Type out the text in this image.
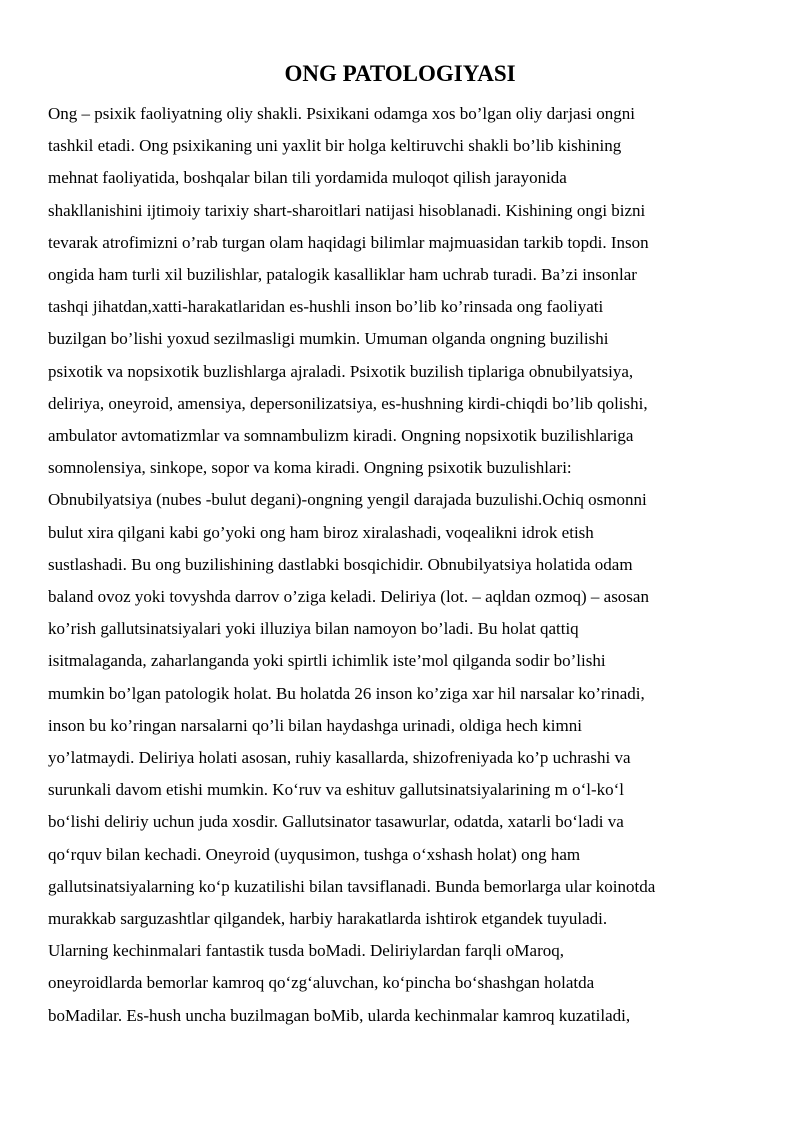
ONG PATOLOGIYASI
Ong – psixik faoliyatning oliy shakli. Psixikani odamga xos bo’lgan oliy darjasi ongni
tashkil etadi. Ong psixikaning uni yaxlit bir holga keltiruvchi shakli bo’lib kishining
mehnat faoliyatida, boshqalar bilan tili yordamida muloqot qilish jarayonida
shakllanishini ijtimoiy tarixiy shart-sharoitlari natijasi hisoblanadi. Kishining ongi bizni
tevarak atrofimizni o’rab turgan olam haqidagi bilimlar majmuasidan tarkib topdi. Inson
ongida ham turli xil buzilishlar, patalogik kasalliklar ham uchrab turadi. Ba’zi insonlar
tashqi jihatdan,xatti-harakatlaridan es-hushli inson bo’lib ko’rinsada ong faoliyati
buzilgan bo’lishi yoxud sezilmasligi mumkin. Umuman olganda ongning buzilishi
psixotik va nopsixotik buzlishlarga ajraladi. Psixotik buzilish tiplariga obnubilyatsiya,
deliriya, oneyroid, amensiya, depersonilizatsiya, es-hushning kirdi-chiqdi bo’lib qolishi,
ambulator avtomatizmlar va somnambulizm kiradi. Ongning nopsixotik buzilishlariga
somnolensiya, sinkope, sopor va koma kiradi. Ongning psixotik buzulishlari:
Obnubilyatsiya (nubes -bulut degani)-ongning yengil darajada buzulishi.Ochiq osmonni
bulut xira qilgani kabi go’yoki ong ham biroz xiralashadi, voqealikni idrok etish
sustlashadi. Bu ong buzilishining dastlabki bosqichidir. Obnubilyatsiya holatida odam
baland ovoz yoki tovyshda darrov o’ziga keladi. Deliriya (lot. – aqldan ozmoq) – asosan
ko’rish gallutsinatsiyalari yoki illuziya bilan namoyon bo’ladi. Bu holat qattiq
isitmalaganda, zaharlanganda yoki spirtli ichimlik iste’mol qilganda sodir bo’lishi
mumkin bo’lgan patologik holat. Bu holatda 26 inson ko’ziga xar hil narsalar ko’rinadi,
inson bu ko’ringan narsalarni qo’li bilan haydashga urinadi, oldiga hech kimni
yo’latmaydi. Deliriya holati asosan, ruhiy kasallarda, shizofreniyada ko’p uchrashi va
surunkali davom etishi mumkin. Ko‘ruv va eshituv gallutsinatsiyalarining m o‘l-ko‘l
bo‘lishi deliriy uchun juda xosdir. Gallutsinator tasawurlar, odatda, xatarli bo‘ladi va
qo‘rquv bilan kechadi. Oneyroid (uyqusimon, tushga o‘xshash holat) ong ham
gallutsinatsiyalarning ko‘p kuzatilishi bilan tavsiflanadi. Bunda bemorlarga ular koinotda
murakkab sarguzashtlar qilgandek, harbiy harakatlarda ishtirok etgandek tuyuladi.
Ularning kechinmalari fantastik tusda boMadi. Deliriylardan farqli oMaroq,
oneyroidlarda bemorlar kamroq qo‘zg‘aluvchan, ko‘pincha bo‘shashgan holatda
boMadilar. Es-hush uncha buzilmagan boMib, ularda kechinmalar kamroq kuzatiladi,
